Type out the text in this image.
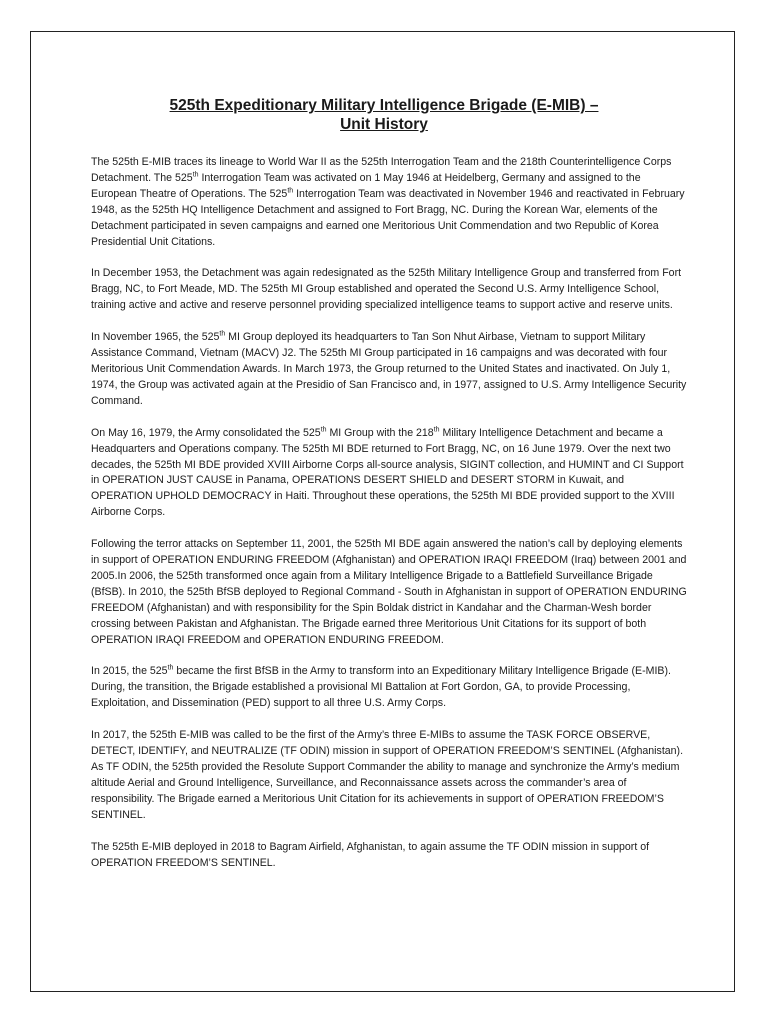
525th Expeditionary Military Intelligence Brigade (E-MIB) –
Unit History

The 525th E-MIB traces its lineage to World War II as the 525th Interrogation Team and the 218th Counterintelligence Corps Detachment. The 525th Interrogation Team was activated on 1 May 1946 at Heidelberg, Germany and assigned to the European Theatre of Operations. The 525th Interrogation Team was deactivated in November 1946 and reactivated in February 1948, as the 525th HQ Intelligence Detachment and assigned to Fort Bragg, NC. During the Korean War, elements of the Detachment participated in seven campaigns and earned one Meritorious Unit Commendation and two Republic of Korea Presidential Unit Citations.

In December 1953, the Detachment was again redesignated as the 525th Military Intelligence Group and transferred from Fort Bragg, NC, to Fort Meade, MD. The 525th MI Group established and operated the Second U.S. Army Intelligence School, training active and active and reserve personnel providing specialized intelligence teams to support active and reserve units.

In November 1965, the 525th MI Group deployed its headquarters to Tan Son Nhut Airbase, Vietnam to support Military Assistance Command, Vietnam (MACV) J2. The 525th MI Group participated in 16 campaigns and was decorated with four Meritorious Unit Commendation Awards. In March 1973, the Group returned to the United States and inactivated. On July 1, 1974, the Group was activated again at the Presidio of San Francisco and, in 1977, assigned to U.S. Army Intelligence Security Command.

On May 16, 1979, the Army consolidated the 525th MI Group with the 218th Military Intelligence Detachment and became a Headquarters and Operations company. The 525th MI BDE returned to Fort Bragg, NC, on 16 June 1979. Over the next two decades, the 525th MI BDE provided XVIII Airborne Corps all-source analysis, SIGINT collection, and HUMINT and CI Support in OPERATION JUST CAUSE in Panama, OPERATIONS DESERT SHIELD and DESERT STORM in Kuwait, and OPERATION UPHOLD DEMOCRACY in Haiti. Throughout these operations, the 525th MI BDE provided support to the XVIII Airborne Corps.

Following the terror attacks on September 11, 2001, the 525th MI BDE again answered the nation’s call by deploying elements in support of OPERATION ENDURING FREEDOM (Afghanistan) and OPERATION IRAQI FREEDOM (Iraq) between 2001 and 2005.In 2006, the 525th transformed once again from a Military Intelligence Brigade to a Battlefield Surveillance Brigade (BfSB). In 2010, the 525th BfSB deployed to Regional Command - South in Afghanistan in support of OPERATION ENDURING FREEDOM (Afghanistan) and with responsibility for the Spin Boldak district in Kandahar and the Charman-Wesh border crossing between Pakistan and Afghanistan. The Brigade earned three Meritorious Unit Citations for its support of both OPERATION IRAQI FREEDOM and OPERATION ENDURING FREEDOM.

In 2015, the 525th became the first BfSB in the Army to transform into an Expeditionary Military Intelligence Brigade (E-MIB). During, the transition, the Brigade established a provisional MI Battalion at Fort Gordon, GA, to provide Processing, Exploitation, and Dissemination (PED) support to all three U.S. Army Corps.

In 2017, the 525th E-MIB was called to be the first of the Army’s three E-MIBs to assume the TASK FORCE OBSERVE, DETECT, IDENTIFY, and NEUTRALIZE (TF ODIN) mission in support of OPERATION FREEDOM’S SENTINEL (Afghanistan). As TF ODIN, the 525th provided the Resolute Support Commander the ability to manage and synchronize the Army’s medium altitude Aerial and Ground Intelligence, Surveillance, and Reconnaissance assets across the commander’s area of responsibility. The Brigade earned a Meritorious Unit Citation for its achievements in support of OPERATION FREEDOM’S SENTINEL.

The 525th E-MIB deployed in 2018 to Bagram Airfield, Afghanistan, to again assume the TF ODIN mission in support of OPERATION FREEDOM’S SENTINEL.
